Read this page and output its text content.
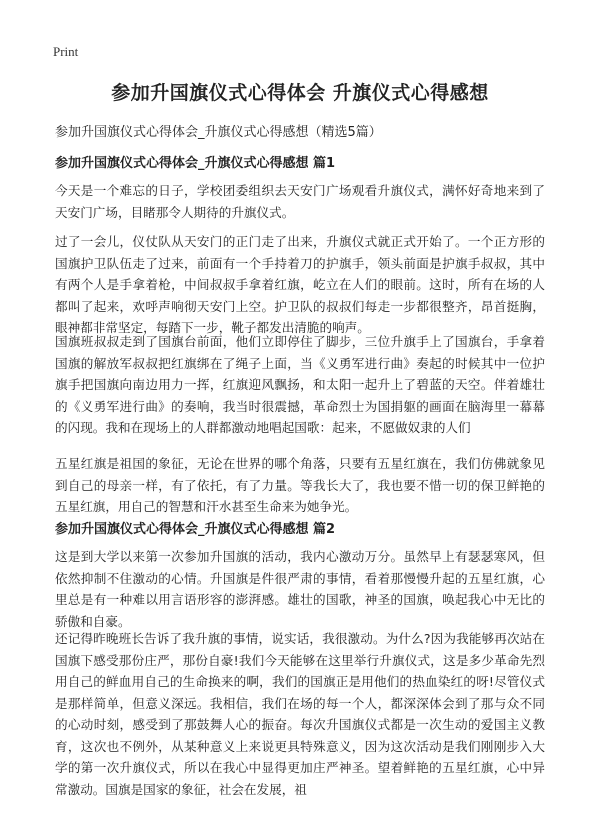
Print
参加升国旗仪式心得体会 升旗仪式心得感想

参加升国旗仪式心得体会_升旗仪式心得感想（精选5篇）

参加升国旗仪式心得体会_升旗仪式心得感想 篇1

今天是一个难忘的日子，学校团委组织去天安门广场观看升旗仪式，满怀好奇地来到了天安门广场，目睹那令人期待的升旗仪式。

过了一会儿，仪仗队从天安门的正门走了出来，升旗仪式就正式开始了。一个正方形的国旗护卫队伍走了过来，前面有一个手持着刀的护旗手，领头前面是护旗手叔叔，其中有两个人是手拿着枪，中间叔叔手拿着红旗，屹立在人们的眼前。这时，所有在场的人都叫了起来，欢呼声响彻天安门上空。护卫队的叔叔们每走一步都很整齐，昂首挺胸，眼神都非常坚定，每踏下一步，靴子都发出清脆的响声。

国旗班叔叔走到了国旗台前面，他们立即停住了脚步，三位升旗手上了国旗台，手拿着国旗的解放军叔叔把红旗绑在了绳子上面，当《义勇军进行曲》奏起的时候其中一位护旗手把国旗向南边用力一挥，红旗迎风飘扬，和太阳一起升上了碧蓝的天空。伴着雄壮的《义勇军进行曲》的奏响，我当时很震撼，革命烈士为国捐躯的画面在脑海里一幕幕的闪现。我和在现场上的人群都激动地唱起国歌：起来，不愿做奴隶的人们

五星红旗是祖国的象征，无论在世界的哪个角落，只要有五星红旗在，我们仿佛就象见到自己的母亲一样，有了依托，有了力量。等我长大了，我也要不惜一切的保卫鲜艳的五星红旗，用自己的智慧和汗水甚至生命来为她争光。

参加升国旗仪式心得体会_升旗仪式心得感想 篇2

这是到大学以来第一次参加升国旗的活动，我内心激动万分。虽然早上有瑟瑟寒风，但依然抑制不住激动的心情。升国旗是件很严肃的事情，看着那慢慢升起的五星红旗，心里总是有一种难以用言语形容的澎湃感。雄壮的国歌，神圣的国旗，唤起我心中无比的骄傲和自豪。

还记得昨晚班长告诉了我升旗的事情，说实话，我很激动。为什么?因为我能够再次站在国旗下感受那份庄严，那份自豪!我们今天能够在这里举行升旗仪式，这是多少革命先烈用自己的鲜血用自己的生命换来的啊，我们的国旗正是用他们的热血染红的呀!尽管仪式是那样简单，但意义深远。我相信，我们在场的每一个人，都深深体会到了那与众不同的心动时刻，感受到了那鼓舞人心的振奋。每次升国旗仪式都是一次生动的爱国主义教育，这次也不例外，从某种意义上来说更具特殊意义，因为这次活动是我们刚刚步入大学的第一次升旗仪式，所以在我心中显得更加庄严神圣。望着鲜艳的五星红旗，心中异常激动。国旗是国家的象征，社会在发展，祖
